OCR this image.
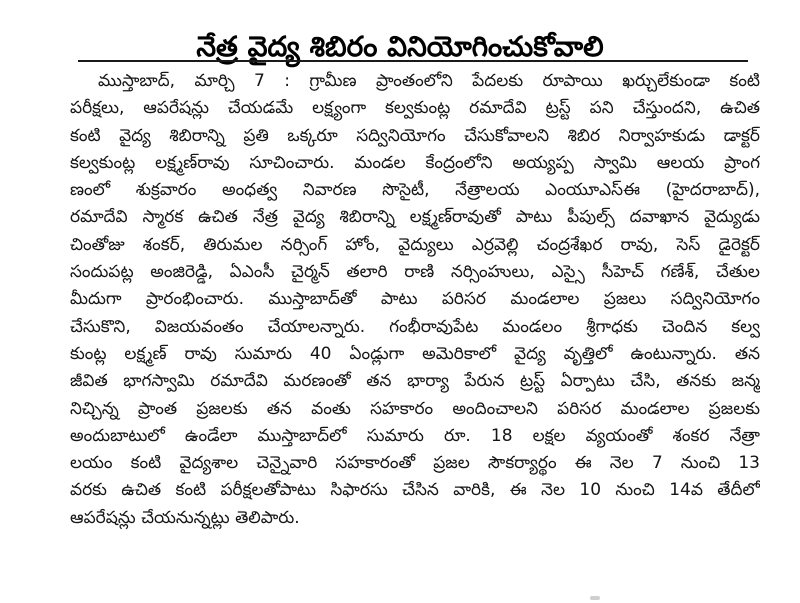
నేత్ర వైద్య శిబిరం వినియోగించుకోవాలి
ముస్తాబాద్, మార్చి 7 : గ్రామీణ ప్రాంతంలోని పేదలకు రూపాయి ఖర్చులేకుండా కంటి
పరీక్షలు, ఆపరేషన్లు చేయడమే లక్ష్యంగా కల్వకుంట్ల రమాదేవి ట్రస్ట్ పని చేస్తుందని, ఉచిత
కంటి వైద్య శిబిరాన్ని ప్రతి ఒక్కరూ సద్వినియోగం చేసుకోవాలని శిబిర నిర్వాహకుడు డాక్టర్
కల్వకుంట్ల లక్ష్మణ్‌రావు సూచించారు. మండల కేంద్రంలోని అయ్యప్ప స్వామి ఆలయ ప్రాంగ
ణంలో శుక్రవారం అంధత్వ నివారణ సొసైటీ, నేత్రాలయ ఎంయూఎస్ఈ (హైదరాబాద్),
రమాదేవి స్మారక ఉచిత నేత్ర వైద్య శిబిరాన్ని లక్ష్మణ్‌రావుతో పాటు పీపుల్స్ దవాఖాన వైద్యుడు
చింతోజు శంకర్, తిరుమల నర్సింగ్ హోం, వైద్యులు ఎర్రవెల్లి చంద్రశేఖర రావు, సెస్ డైరెక్టర్
సందుపట్ల అంజిరెడ్డి, ఏఎంసీ చైర్మన్ తలారి రాణి నర్సింహులు, ఎస్సై సీహెచ్ గణేశ్, చేతుల
మీదుగా ప్రారంభించారు. ముస్తాబాద్‌తో పాటు పరిసర మండలాల ప్రజలు సద్వినియోగం
చేసుకొని, విజయవంతం చేయాలన్నారు. గంభీరావుపేట మండలం శ్రీగాధకు చెందిన కల్వ
కుంట్ల లక్ష్మణ్ రావు సుమారు 40 ఏండ్లుగా అమెరికాలో వైద్య వృత్తిలో ఉంటున్నారు. తన
జీవిత భాగస్వామి రమాదేవి మరణంతో తన భార్యా పేరున ట్రస్ట్ ఏర్పాటు చేసి, తనకు జన్మ
నిచ్చిన్న ప్రాంత ప్రజలకు తన వంతు సహకారం అందించాలని పరిసర మండలాల ప్రజలకు
అందుబాటులో ఉండేలా ముస్తాబాద్‌లో సుమారు రూ. 18 లక్షల వ్యయంతో శంకర నేత్రా
లయం కంటి వైద్యశాల చెన్నైవారి సహకారంతో ప్రజల సౌకర్యార్థం ఈ నెల 7 నుంచి 13
వరకు ఉచిత కంటి పరీక్షలతోపాటు సిఫారసు చేసిన వారికి, ఈ నెల 10 నుంచి 14వ తేదీలో
ఆపరేషన్లు చేయనున్నట్లు తెలిపారు.
